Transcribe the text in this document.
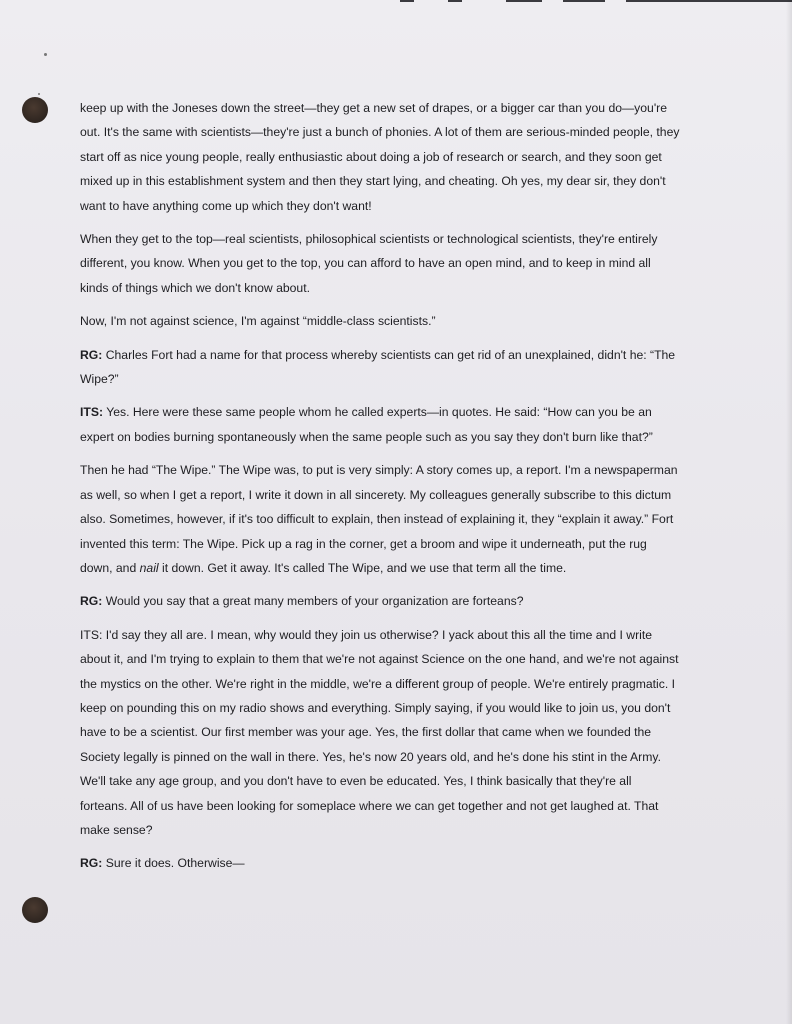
keep up with the Joneses down the street—they get a new set of drapes, or a bigger car than you do—you're out. It's the same with scientists—they're just a bunch of phonies. A lot of them are serious-minded people, they start off as nice young people, really enthusiastic about doing a job of research or search, and they soon get mixed up in this establishment system and then they start lying, and cheating. Oh yes, my dear sir, they don't want to have anything come up which they don't want!

When they get to the top—real scientists, philosophical scientists or technological scientists, they're entirely different, you know. When you get to the top, you can afford to have an open mind, and to keep in mind all kinds of things which we don't know about.

Now, I'm not against science, I'm against “middle-class scientists.”

RG: Charles Fort had a name for that process whereby scientists can get rid of an unexplained, didn't he: “The Wipe?”

ITS: Yes. Here were these same people whom he called experts—in quotes. He said: “How can you be an expert on bodies burning spontaneously when the same people such as you say they don't burn like that?”

Then he had “The Wipe.” The Wipe was, to put is very simply: A story comes up, a report. I'm a newspaperman as well, so when I get a report, I write it down in all sincerety. My colleagues generally subscribe to this dictum also. Sometimes, however, if it's too difficult to explain, then instead of explaining it, they “explain it away.” Fort invented this term: The Wipe. Pick up a rag in the corner, get a broom and wipe it underneath, put the rug down, and nail it down. Get it away. It's called The Wipe, and we use that term all the time.

RG: Would you say that a great many members of your organization are forteans?

ITS: I'd say they all are. I mean, why would they join us otherwise? I yack about this all the time and I write about it, and I'm trying to explain to them that we're not against Science on the one hand, and we're not against the mystics on the other. We're right in the middle, we're a different group of people. We're entirely pragmatic. I keep on pounding this on my radio shows and everything. Simply saying, if you would like to join us, you don't have to be a scientist. Our first member was your age. Yes, the first dollar that came when we founded the Society legally is pinned on the wall in there. Yes, he's now 20 years old, and he's done his stint in the Army. We'll take any age group, and you don't have to even be educated. Yes, I think basically that they're all forteans. All of us have been looking for someplace where we can get together and not get laughed at. That make sense?

RG: Sure it does. Otherwise—
